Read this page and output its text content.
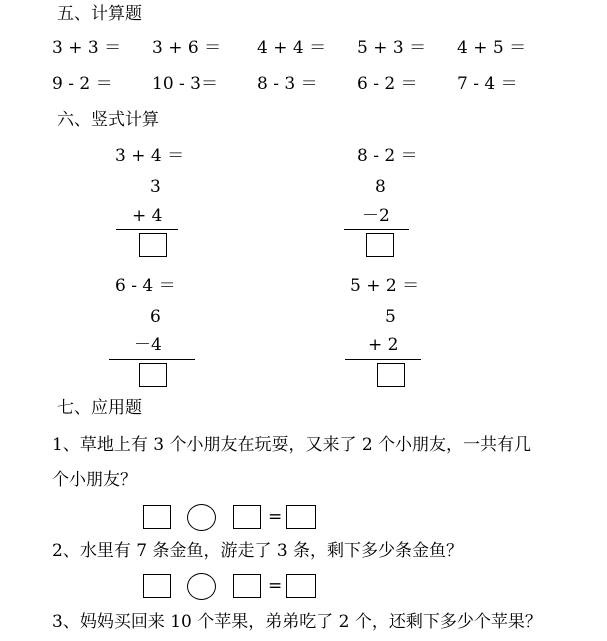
五、计算题
3 + 3 ＝ 3 + 6 ＝ 4 + 4 ＝ 5 + 3 ＝ 4 + 5 ＝
9 - 2 ＝ 10 - 3＝ 8 - 3 ＝ 6 - 2 ＝ 7 - 4 ＝
六、竖式计算
3 + 4 ＝
3
+ 4
8 - 2 ＝
8
－2
6 - 4 ＝
6
－4
5 + 2 ＝
5
+ 2
七、应用题
1、草地上有 3 个小朋友在玩耍，又来了 2 个小朋友，一共有几
个小朋友？
=
2、水里有 7 条金鱼，游走了 3 条，剩下多少条金鱼？
=
3、妈妈买回来 10 个苹果，弟弟吃了 2 个，还剩下多少个苹果？
